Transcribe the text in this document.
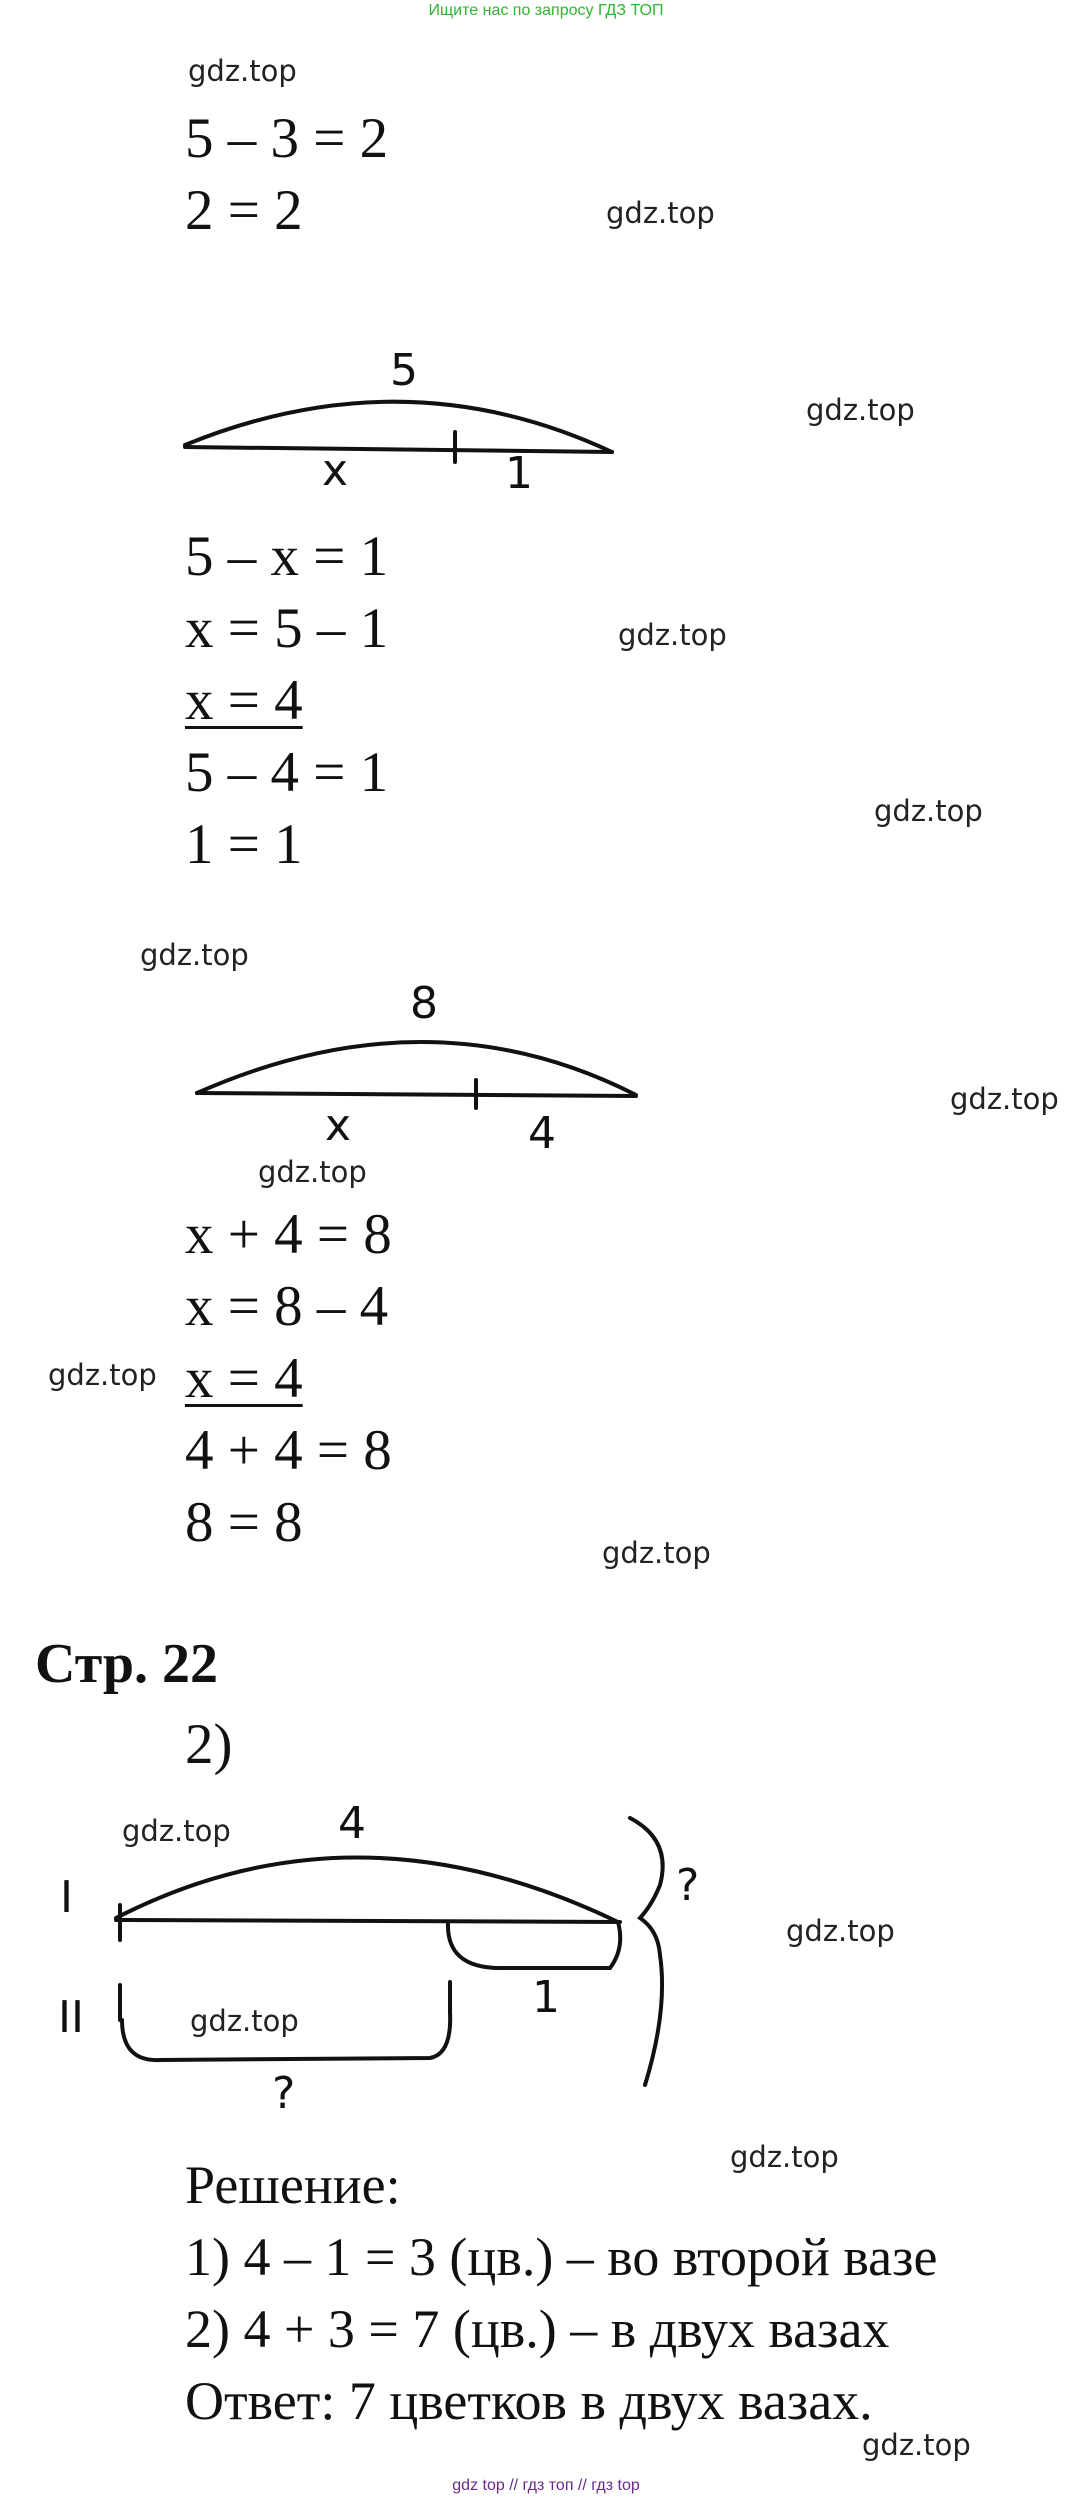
Ищите нас по запросу ГДЗ ТОП
gdz.top
gdz.top
gdz.top
gdz.top
gdz.top
gdz.top
gdz.top
gdz.top
gdz.top
gdz.top
gdz.top
gdz.top
gdz.top
gdz.top
gdz.top
5 – 3 = 2
2 = 2
5
x	1
8
x	4
4
I
II	1
?
?
5 – x = 1
x = 5 – 1
x = 4
5 – 4 = 1
1 = 1
x + 4 = 8
x = 8 – 4
x = 4
4 + 4 = 8
8 = 8
Стр. 22
2)
Решение:
1) 4 – 1 = 3 (цв.) – во второй вазе
2) 4 + 3 = 7 (цв.) – в двух вазах
Ответ: 7 цветков в двух вазах.
gdz top // гдз топ // гдз top
